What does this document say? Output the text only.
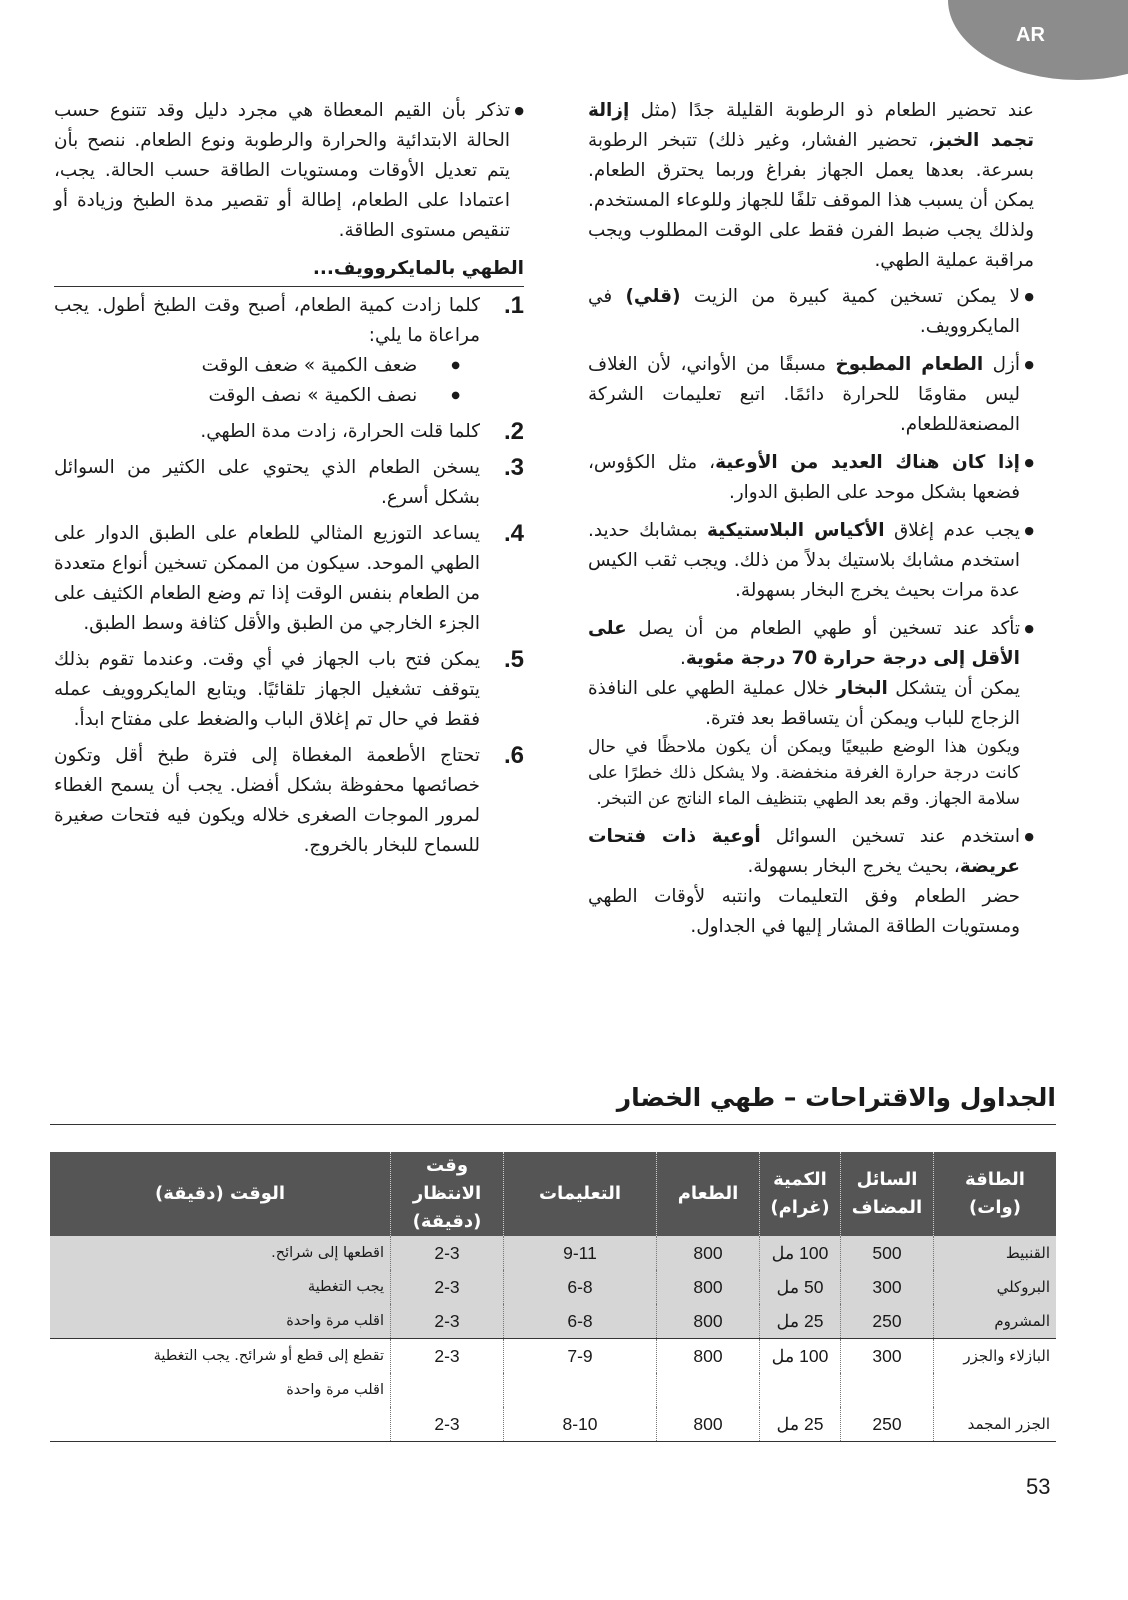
AR

عند تحضير الطعام ذو الرطوبة القليلة جدًا (مثل إزالة تجمد الخبز، تحضير الفشار، وغير ذلك) تتبخر الرطوبة بسرعة. بعدها يعمل الجهاز بفراغ وربما يحترق الطعام. يمكن أن يسبب هذا الموقف تلفًا للجهاز وللوعاء المستخدم. ولذلك يجب ضبط الفرن فقط على الوقت المطلوب ويجب مراقبة عملية الطهي.

● لا يمكن تسخين كمية كبيرة من الزيت (قلي) في المايكروويف.
● أزل الطعام المطبوخ مسبقًا من الأواني، لأن الغلاف ليس مقاومًا للحرارة دائمًا. اتبع تعليمات الشركة المصنعةللطعام.
● إذا كان هناك العديد من الأوعية، مثل الكؤوس، فضعها بشكل موحد على الطبق الدوار.
● يجب عدم إغلاق الأكياس البلاستيكية بمشابك حديد. استخدم مشابك بلاستيك بدلاً من ذلك. ويجب ثقب الكيس عدة مرات بحيث يخرج البخار بسهولة.
● تأكد عند تسخين أو طهي الطعام من أن يصل على الأقل إلى درجة حرارة 70 درجة مئوية.
يمكن أن يتشكل البخار خلال عملية الطهي على النافذة الزجاج للباب ويمكن أن يتساقط بعد فترة.
ويكون هذا الوضع طبيعيًا ويمكن أن يكون ملاحظًا في حال كانت درجة حرارة الغرفة منخفضة. ولا يشكل ذلك خطرًا على سلامة الجهاز. وقم بعد الطهي بتنظيف الماء الناتج عن التبخر.
● استخدم عند تسخين السوائل أوعية ذات فتحات عريضة، بحيث يخرج البخار بسهولة.
حضر الطعام وفق التعليمات وانتبه لأوقات الطهي ومستويات الطاقة المشار إليها في الجداول.
● تذكر بأن القيم المعطاة هي مجرد دليل وقد تتنوع حسب الحالة الابتدائية والحرارة والرطوبة ونوع الطعام. ننصح بأن يتم تعديل الأوقات ومستويات الطاقة حسب الحالة. يجب، اعتمادا على الطعام، إطالة أو تقصير مدة الطبخ وزيادة أو تنقيص مستوى الطاقة.
الطهي بالمايكروويف...
1.
كلما زادت كمية الطعام، أصبح وقت الطبخ أطول. يجب مراعاة ما يلي:
●
ضعف الكمية » ضعف الوقت
●
نصف الكمية » نصف الوقت
2.
كلما قلت الحرارة، زادت مدة الطهي.
3.
يسخن الطعام الذي يحتوي على الكثير من السوائل بشكل أسرع.
4.
يساعد التوزيع المثالي للطعام على الطبق الدوار على الطهي الموحد. سيكون من الممكن تسخين أنواع متعددة من الطعام بنفس الوقت إذا تم وضع الطعام الكثيف على الجزء الخارجي من الطبق والأقل كثافة وسط الطبق.
5.
يمكن فتح باب الجهاز في أي وقت. وعندما تقوم بذلك يتوقف تشغيل الجهاز تلقائيًا. ويتابع المايكروويف عمله فقط في حال تم إغلاق الباب والضغط على مفتاح ابدأ.
6.
تحتاج الأطعمة المغطاة إلى فترة طبخ أقل وتكون خصائصها محفوظة بشكل أفضل. يجب أن يسمح الغطاء لمرور الموجات الصغرى خلاله ويكون فيه فتحات صغيرة للسماح للبخار بالخروج.
الجداول والاقتراحات – طهي الخضار
الطاقة (وات)	السائل المضاف	الكمية (غرام)	الطعام	التعليمات	وقت الانتظار (دقيقة)	الوقت (دقيقة)
القنبيط	500	100 مل	800	9-11	2-3	اقطعها إلى شرائح.
البروكلي	300	50 مل	800	6-8	2-3	يجب التغطية
المشروم	250	25 مل	800	6-8	2-3	اقلب مرة واحدة
البازلاء والجزر	300	100 مل	800	7-9	2-3	تقطع إلى قطع أو شرائح. يجب التغطية
						اقلب مرة واحدة
الجزر المجمد	250	25 مل	800	8-10	2-3	
53
